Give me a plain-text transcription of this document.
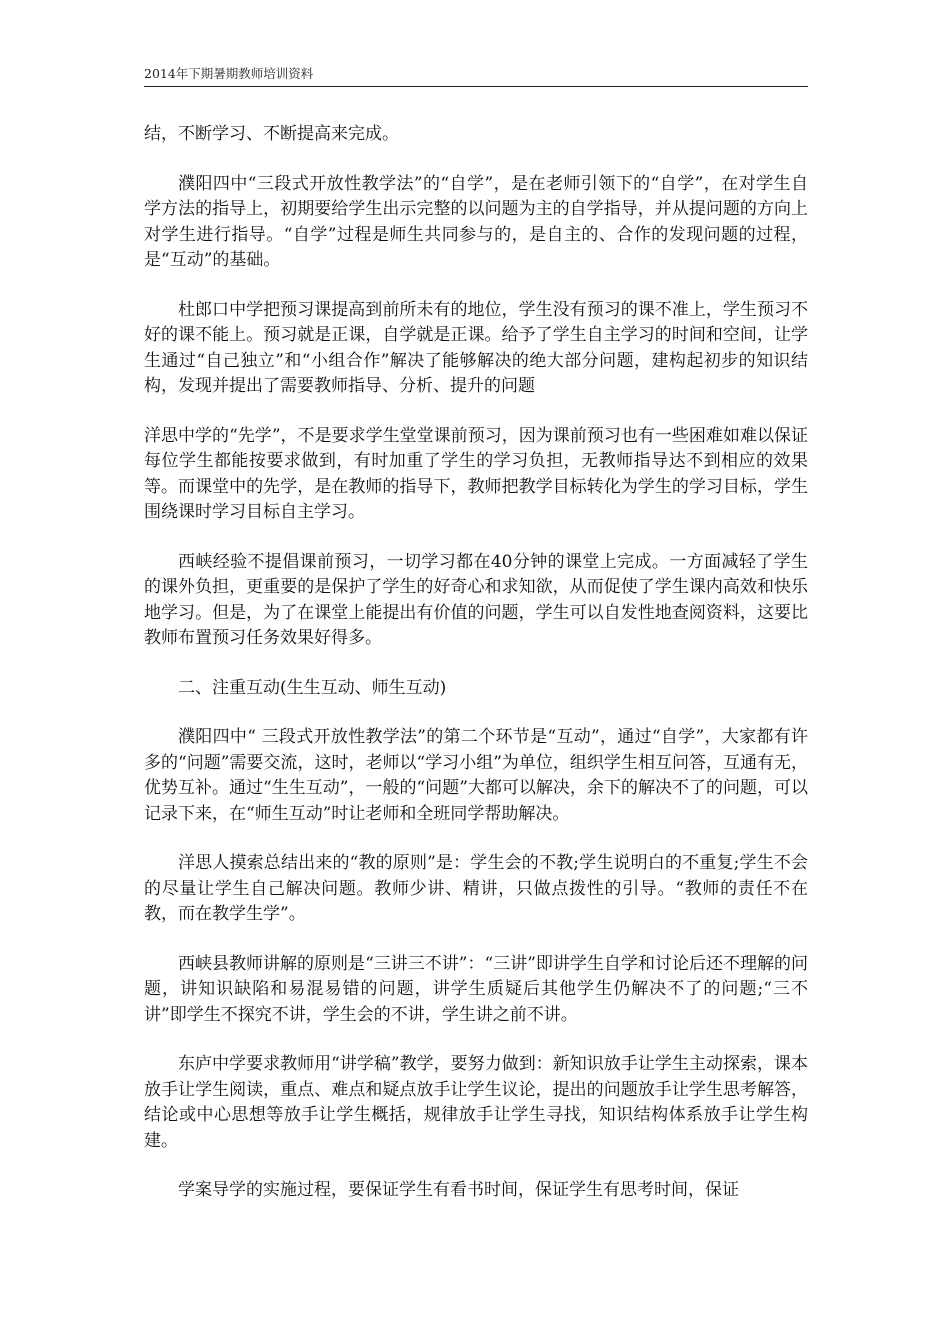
2014年下期暑期教师培训资料

结，不断学习、不断提高来完成。

濮阳四中“三段式开放性教学法”的“自学”，是在老师引领下的“自学”，在对学生自学方法的指导上，初期要给学生出示完整的以问题为主的自学指导，并从提问题的方向上对学生进行指导。“自学”过程是师生共同参与的，是自主的、合作的发现问题的过程，是“互动”的基础。

杜郎口中学把预习课提高到前所未有的地位，学生没有预习的课不准上，学生预习不好的课不能上。预习就是正课，自学就是正课。给予了学生自主学习的时间和空间，让学生通过“自己独立”和“小组合作”解决了能够解决的绝大部分问题，建构起初步的知识结构，发现并提出了需要教师指导、分析、提升的问题

洋思中学的“先学”，不是要求学生堂堂课前预习，因为课前预习也有一些困难如难以保证每位学生都能按要求做到，有时加重了学生的学习负担，无教师指导达不到相应的效果等。而课堂中的先学，是在教师的指导下，教师把教学目标转化为学生的学习目标，学生围绕课时学习目标自主学习。

西峡经验不提倡课前预习，一切学习都在40分钟的课堂上完成。一方面减轻了学生的课外负担，更重要的是保护了学生的好奇心和求知欲，从而促使了学生课内高效和快乐地学习。但是，为了在课堂上能提出有价值的问题，学生可以自发性地查阅资料，这要比教师布置预习任务效果好得多。

二、注重互动(生生互动、师生互动)

濮阳四中“ 三段式开放性教学法”的第二个环节是“互动”，通过“自学”，大家都有许多的“问题”需要交流，这时，老师以“学习小组”为单位，组织学生相互问答，互通有无，优势互补。通过“生生互动”，一般的“问题”大都可以解决，余下的解决不了的问题，可以记录下来，在“师生互动”时让老师和全班同学帮助解决。

洋思人摸索总结出来的“教的原则”是：学生会的不教;学生说明白的不重复;学生不会的尽量让学生自己解决问题。教师少讲、精讲，只做点拨性的引导。“教师的责任不在教，而在教学生学”。

西峡县教师讲解的原则是“三讲三不讲”：“三讲”即讲学生自学和讨论后还不理解的问题，讲知识缺陷和易混易错的问题，讲学生质疑后其他学生仍解决不了的问题;“三不讲”即学生不探究不讲，学生会的不讲，学生讲之前不讲。

东庐中学要求教师用“讲学稿”教学，要努力做到：新知识放手让学生主动探索，课本放手让学生阅读，重点、难点和疑点放手让学生议论，提出的问题放手让学生思考解答，结论或中心思想等放手让学生概括，规律放手让学生寻找，知识结构体系放手让学生构建。

学案导学的实施过程，要保证学生有看书时间，保证学生有思考时间，保证
